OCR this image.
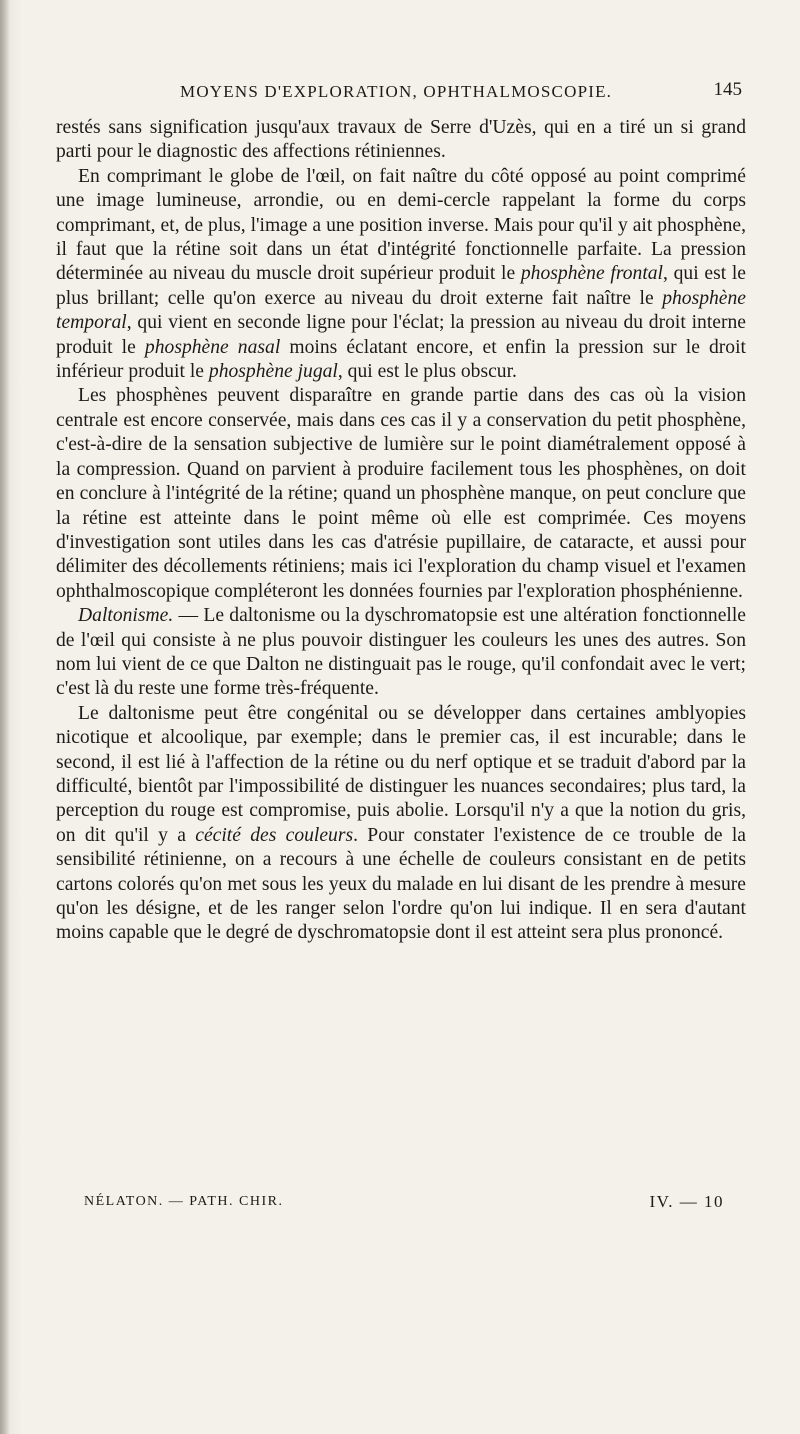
MOYENS D'EXPLORATION, OPHTHALMOSCOPIE.	145

restés sans signification jusqu'aux travaux de Serre d'Uzès, qui en a tiré un si grand parti pour le diagnostic des affections rétiniennes.

En comprimant le globe de l'œil, on fait naître du côté opposé au point comprimé une image lumineuse, arrondie, ou en demi-cercle rappelant la forme du corps comprimant, et, de plus, l'image a une position inverse. Mais pour qu'il y ait phosphène, il faut que la rétine soit dans un état d'intégrité fonctionnelle parfaite. La pression déterminée au niveau du muscle droit supérieur produit le phosphène frontal, qui est le plus brillant; celle qu'on exerce au niveau du droit externe fait naître le phosphène temporal, qui vient en seconde ligne pour l'éclat; la pression au niveau du droit interne produit le phosphène nasal moins éclatant encore, et enfin la pression sur le droit inférieur produit le phosphène jugal, qui est le plus obscur.

Les phosphènes peuvent disparaître en grande partie dans des cas où la vision centrale est encore conservée, mais dans ces cas il y a conservation du petit phosphène, c'est-à-dire de la sensation subjective de lumière sur le point diamétralement opposé à la compression. Quand on parvient à produire facilement tous les phosphènes, on doit en conclure à l'intégrité de la rétine; quand un phosphène manque, on peut conclure que la rétine est atteinte dans le point même où elle est comprimée. Ces moyens d'investigation sont utiles dans les cas d'atrésie pupillaire, de cataracte, et aussi pour délimiter des décollements rétiniens; mais ici l'exploration du champ visuel et l'examen ophthalmoscopique compléteront les données fournies par l'exploration phosphénienne.

Daltonisme. — Le daltonisme ou la dyschromatopsie est une altération fonctionnelle de l'œil qui consiste à ne plus pouvoir distinguer les couleurs les unes des autres. Son nom lui vient de ce que Dalton ne distinguait pas le rouge, qu'il confondait avec le vert; c'est là du reste une forme très-fréquente.

Le daltonisme peut être congénital ou se développer dans certaines amblyopies nicotique et alcoolique, par exemple; dans le premier cas, il est incurable; dans le second, il est lié à l'affection de la rétine ou du nerf optique et se traduit d'abord par la difficulté, bientôt par l'impossibilité de distinguer les nuances secondaires; plus tard, la perception du rouge est compromise, puis abolie. Lorsqu'il n'y a que la notion du gris, on dit qu'il y a cécité des couleurs. Pour constater l'existence de ce trouble de la sensibilité rétinienne, on a recours à une échelle de couleurs consistant en de petits cartons colorés qu'on met sous les yeux du malade en lui disant de les prendre à mesure qu'on les désigne, et de les ranger selon l'ordre qu'on lui indique. Il en sera d'autant moins capable que le degré de dyschromatopsie dont il est atteint sera plus prononcé.

NÉLATON. — PATH. CHIR.	IV. — 10
